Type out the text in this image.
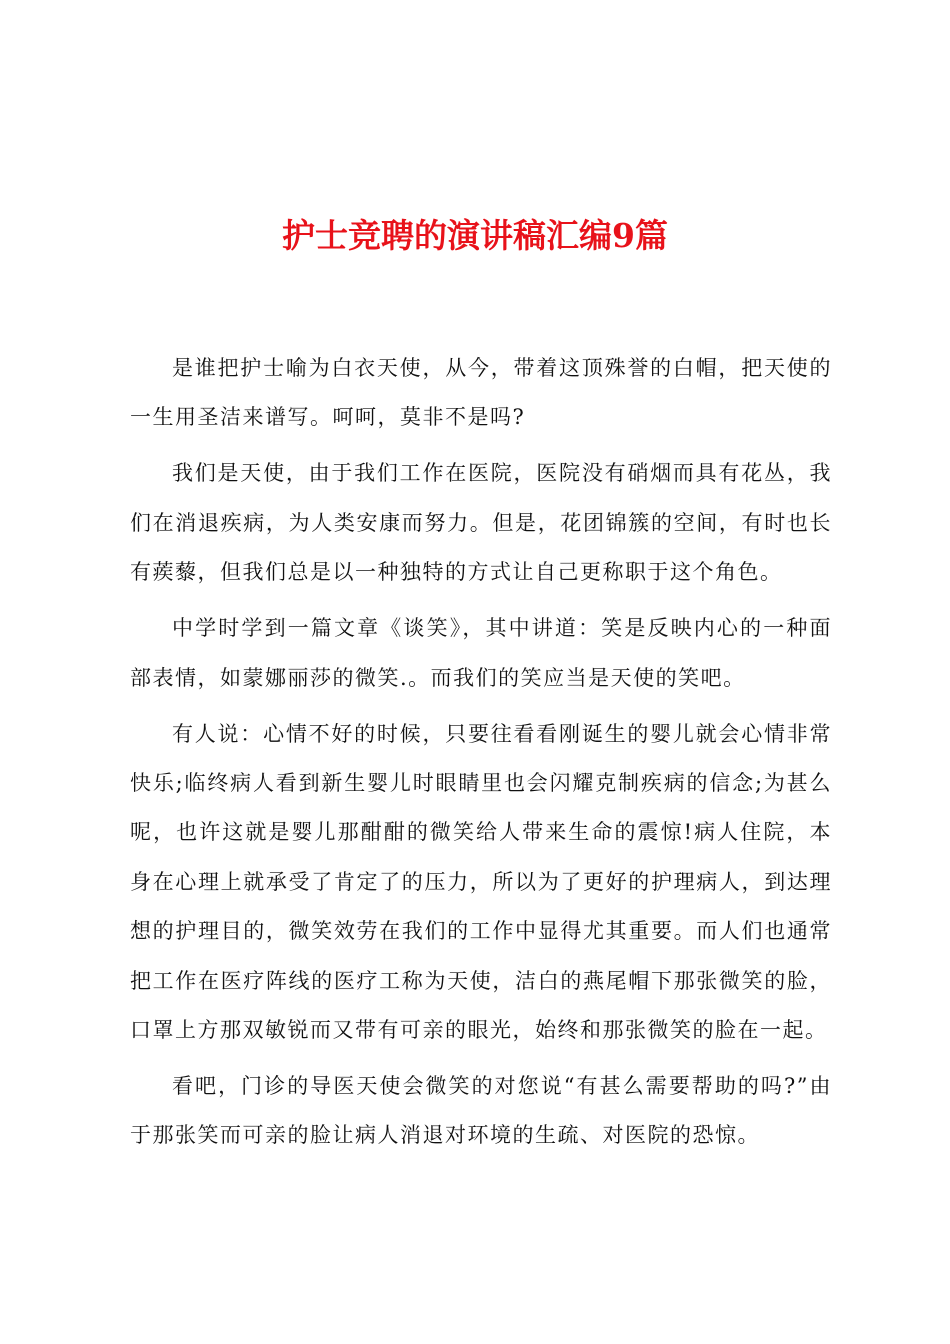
护士竞聘的演讲稿汇编9篇

是谁把护士喻为白衣天使，从今，带着这顶殊誉的白帽，把天使的一生用圣洁来谱写。呵呵，莫非不是吗?

我们是天使，由于我们工作在医院，医院没有硝烟而具有花丛，我们在消退疾病，为人类安康而努力。但是，花团锦簇的空间，有时也长有蒺藜，但我们总是以一种独特的方式让自己更称职于这个角色。

中学时学到一篇文章《谈笑》，其中讲道：笑是反映内心的一种面部表情，如蒙娜丽莎的微笑.。而我们的笑应当是天使的笑吧。

有人说：心情不好的时候，只要往看看刚诞生的婴儿就会心情非常快乐;临终病人看到新生婴儿时眼睛里也会闪耀克制疾病的信念;为甚么呢，也许这就是婴儿那酣酣的微笑给人带来生命的震惊!病人住院，本身在心理上就承受了肯定了的压力，所以为了更好的护理病人，到达理想的护理目的，微笑效劳在我们的工作中显得尤其重要。而人们也通常把工作在医疗阵线的医疗工称为天使，洁白的燕尾帽下那张微笑的脸，口罩上方那双敏锐而又带有可亲的眼光，始终和那张微笑的脸在一起。

看吧，门诊的导医天使会微笑的对您说“有甚么需要帮助的吗?”由于那张笑而可亲的脸让病人消退对环境的生疏、对医院的恐惊。
